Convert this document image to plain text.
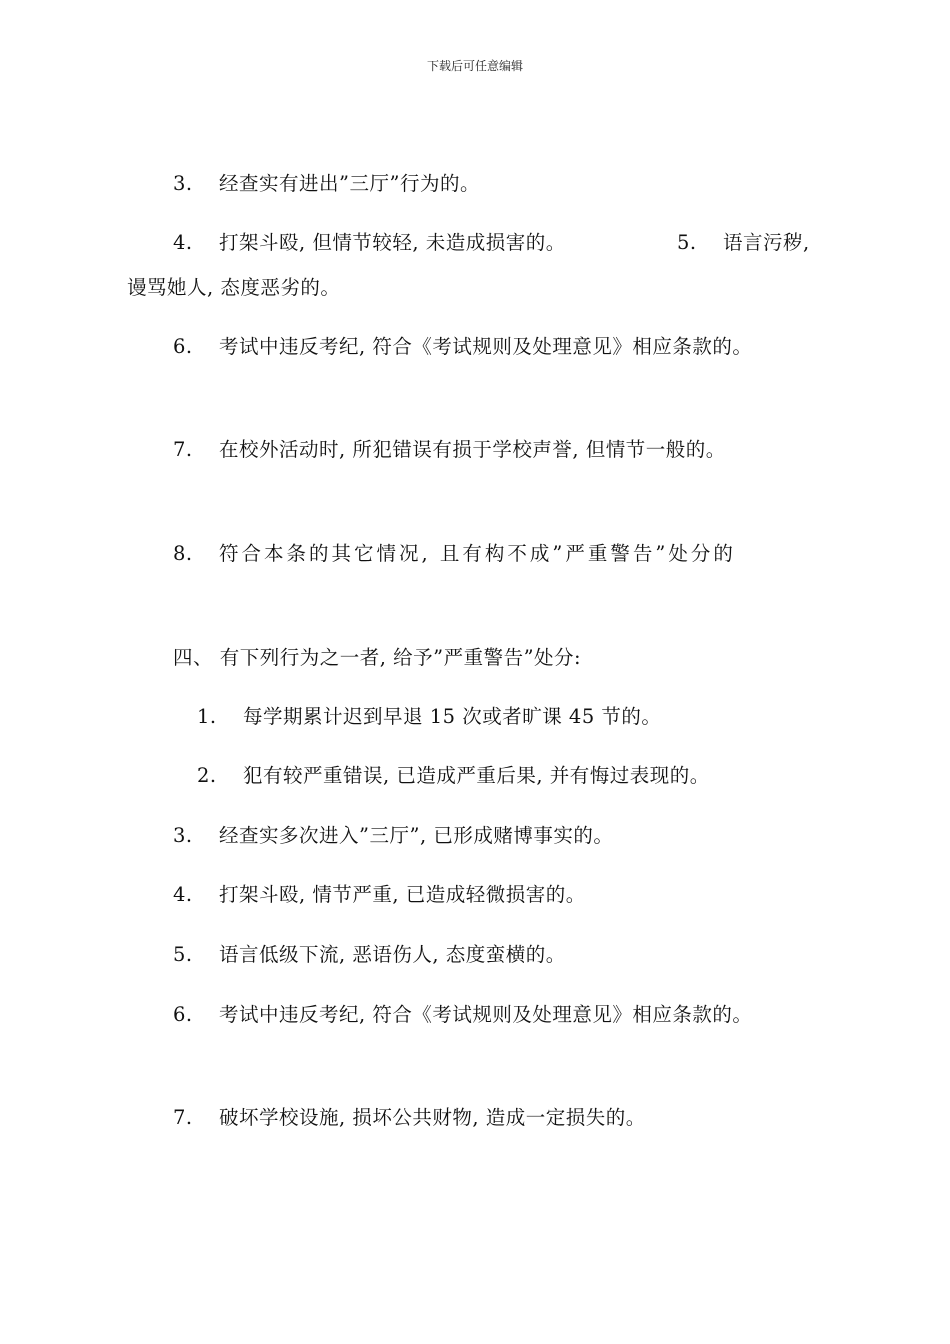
下载后可任意编辑
3. 经查实有进出”三厅”行为的。
4. 打架斗殴, 但情节较轻, 未造成损害的。	5. 语言污秽,
谩骂她人, 态度恶劣的。
6. 考试中违反考纪, 符合《考试规则及处理意见》相应条款的。
7. 在校外活动时, 所犯错误有损于学校声誉, 但情节一般的。
8. 符合本条的其它情况, 且有构不成”严重警告”处分的
四、 有下列行为之一者, 给予”严重警告”处分:
1. 每学期累计迟到早退 15 次或者旷课 45 节的。
2. 犯有较严重错误, 已造成严重后果, 并有悔过表现的。
3. 经查实多次进入”三厅”, 已形成赌博事实的。
4. 打架斗殴, 情节严重, 已造成轻微损害的。
5. 语言低级下流, 恶语伤人, 态度蛮横的。
6. 考试中违反考纪, 符合《考试规则及处理意见》相应条款的。
7. 破坏学校设施, 损坏公共财物, 造成一定损失的。
